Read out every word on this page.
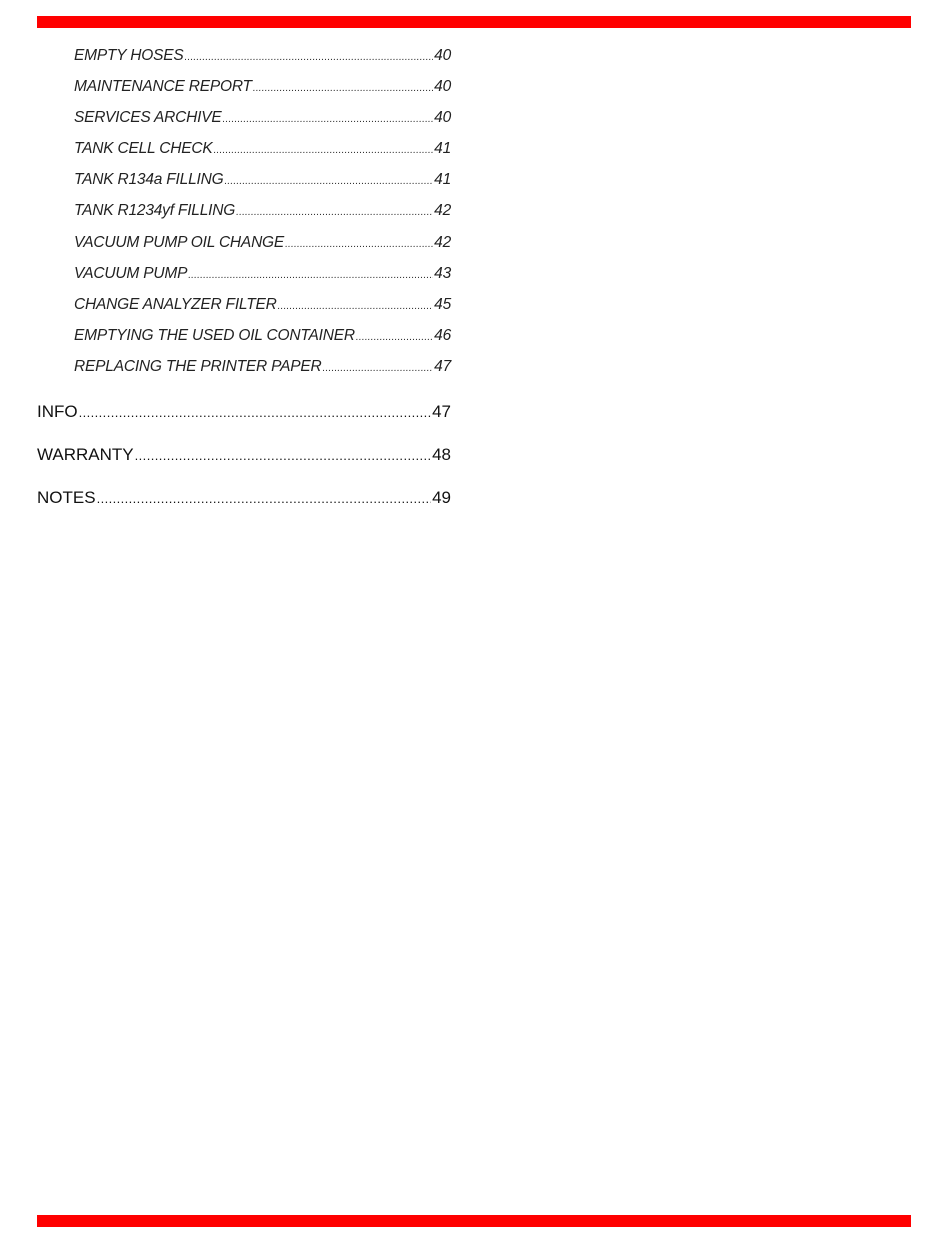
EMPTY HOSES .....	40
MAINTENANCE REPORT .....	40
SERVICES ARCHIVE .....	40
TANK CELL CHECK .....	41
TANK R134a FILLING .....	41
TANK R1234yf FILLING .....	42
VACUUM PUMP OIL CHANGE .....	42
VACUUM PUMP .....	43
CHANGE ANALYZER FILTER .....	45
EMPTYING THE USED OIL CONTAINER .....	46
REPLACING THE PRINTER PAPER .....	47
INFO .....	47
WARRANTY .....	48
NOTES .....	49
